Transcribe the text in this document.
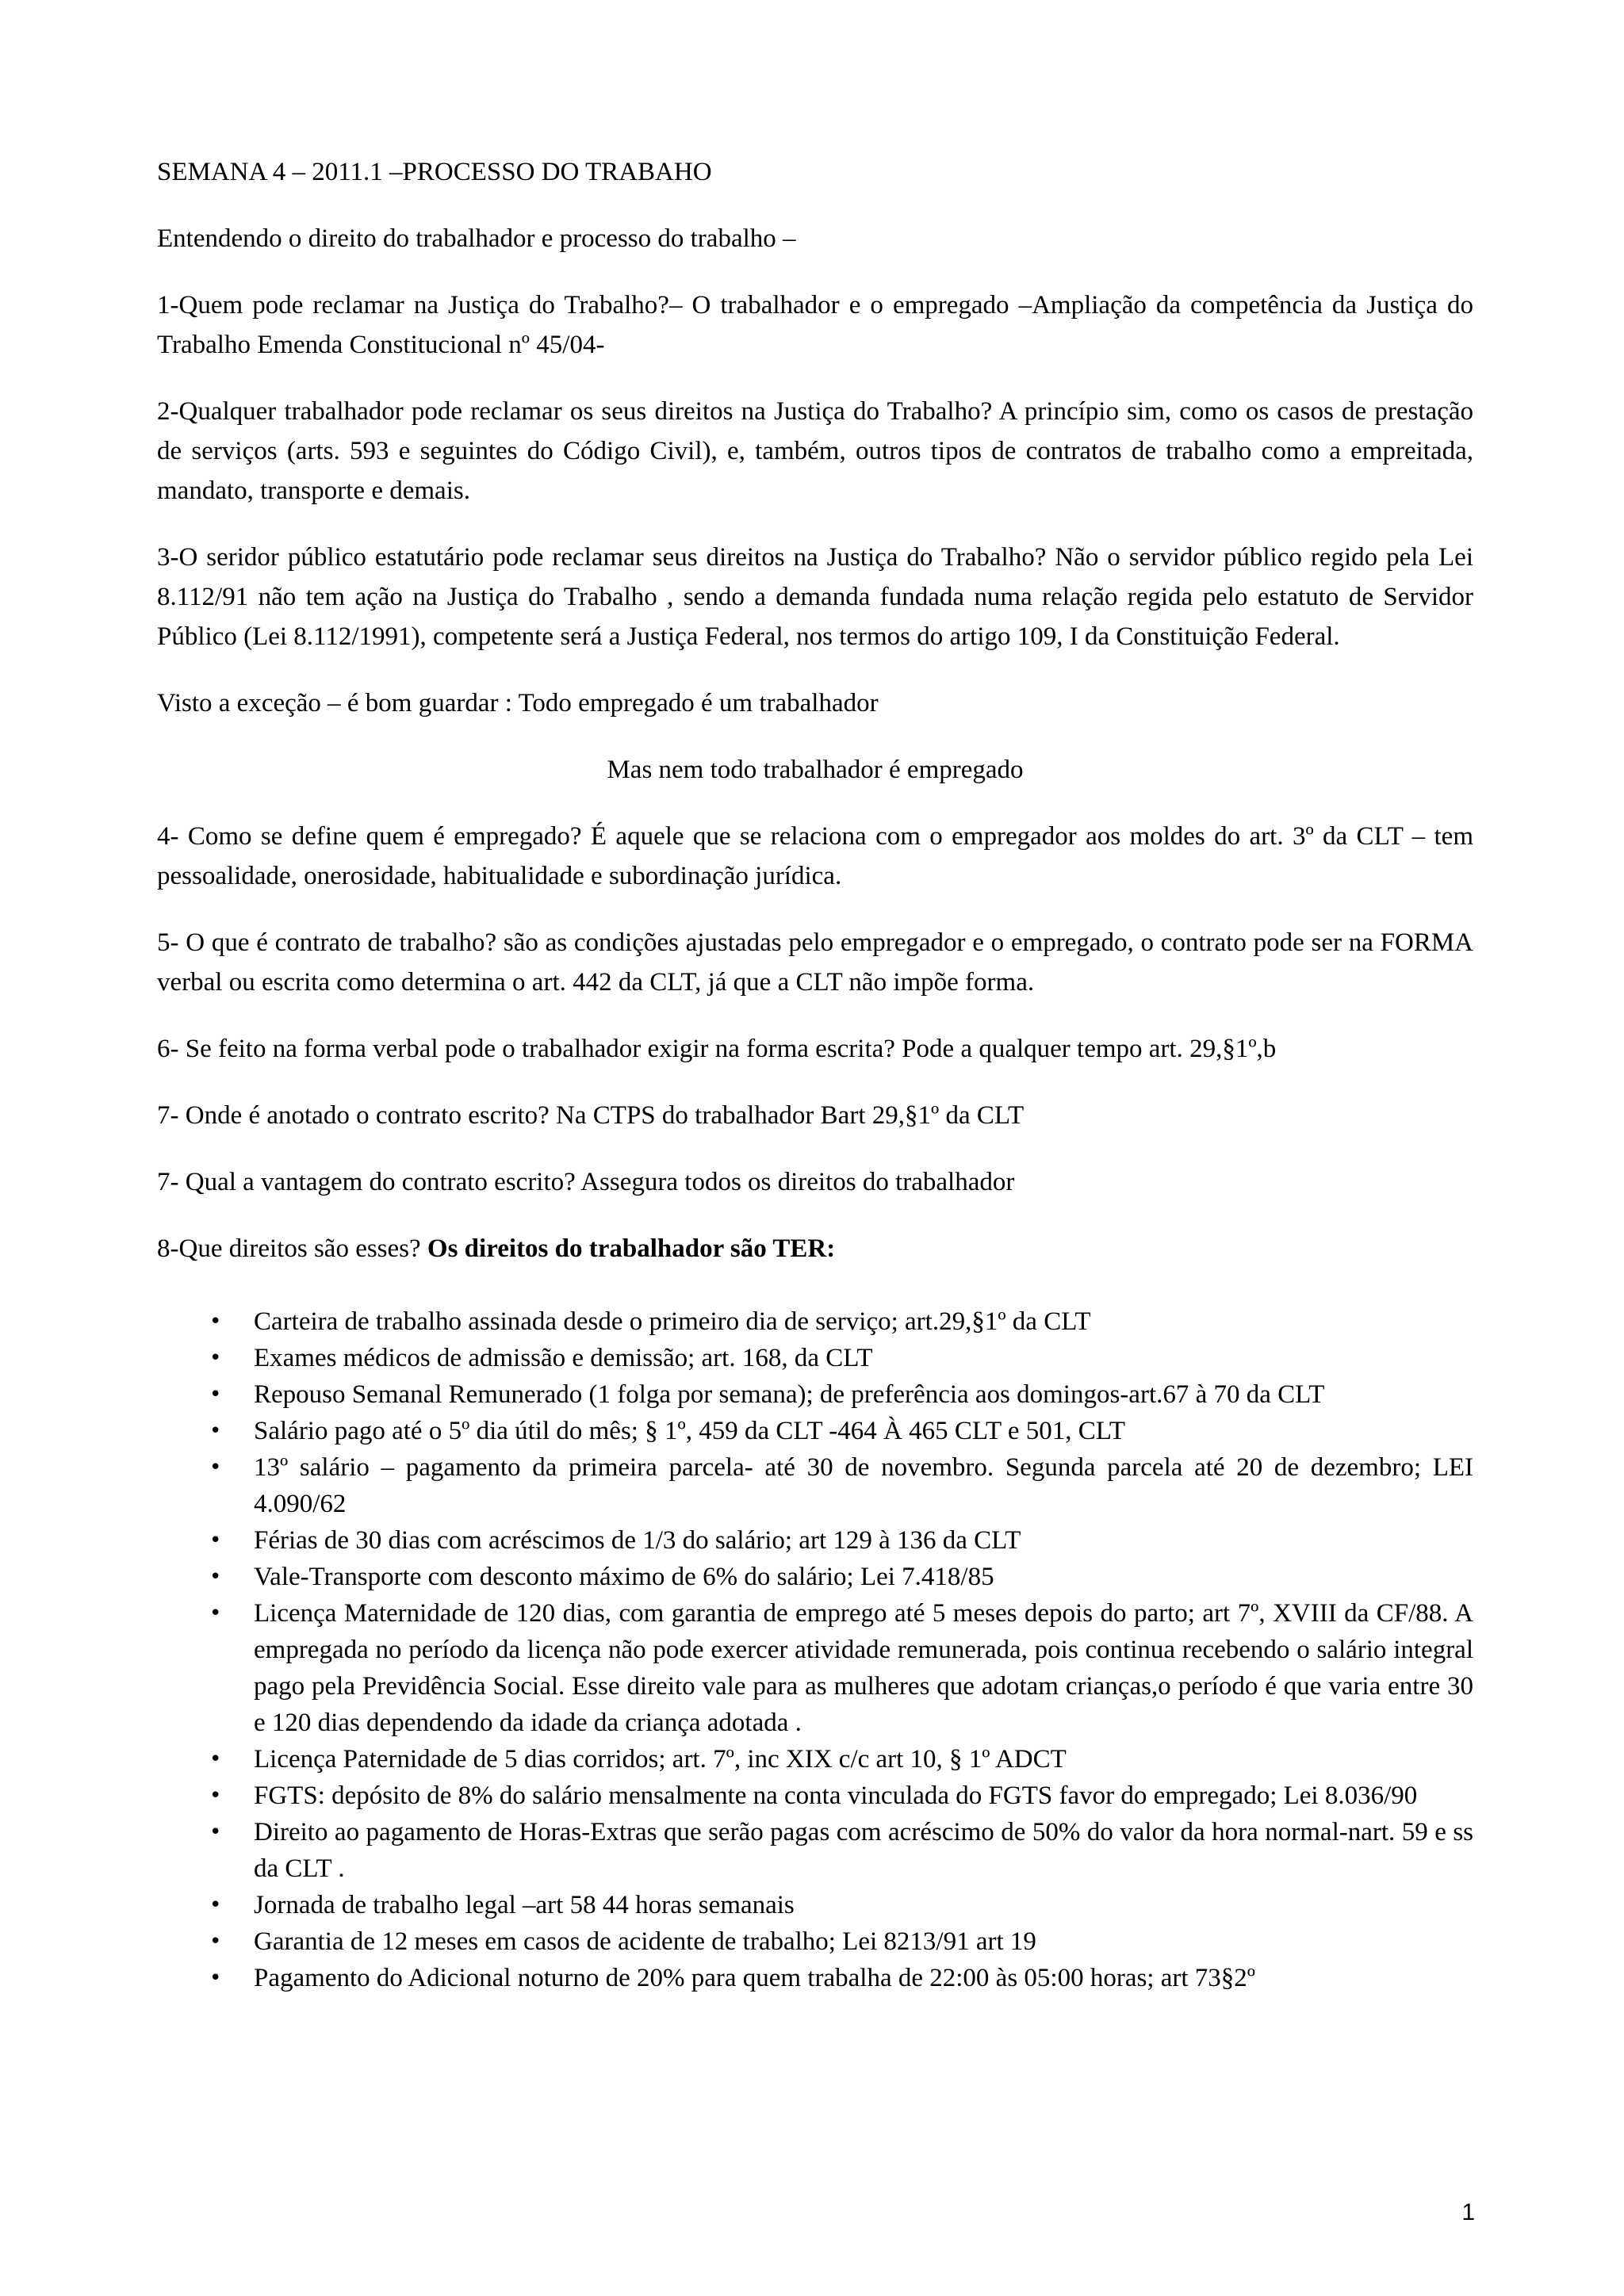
SEMANA 4 – 2011.1 –PROCESSO DO TRABAHO

Entendendo o direito do trabalhador e processo do trabalho –

1-Quem pode reclamar na Justiça do Trabalho?– O trabalhador e o empregado –Ampliação da competência da Justiça do Trabalho Emenda Constitucional nº 45/04-

2-Qualquer trabalhador pode reclamar os seus direitos na Justiça do Trabalho? A princípio sim, como os casos de prestação de serviços (arts. 593 e seguintes do Código Civil), e, também, outros tipos de contratos de trabalho como a empreitada, mandato, transporte e demais.

3-O seridor público estatutário pode reclamar seus direitos na Justiça do Trabalho? Não o servidor público regido pela Lei 8.112/91 não tem ação na Justiça do Trabalho , sendo a demanda fundada numa relação regida pelo estatuto de Servidor Público (Lei 8.112/1991), competente será a Justiça Federal, nos termos do artigo 109, I da Constituição Federal.

Visto a exceção – é bom guardar : Todo empregado é um trabalhador

Mas nem todo trabalhador é empregado

4- Como se define quem é empregado? É aquele que se relaciona com o empregador aos moldes do art. 3º da CLT – tem pessoalidade, onerosidade, habitualidade e subordinação jurídica.

5- O que é contrato de trabalho? são as condições ajustadas pelo empregador e o empregado, o contrato pode ser na FORMA verbal ou escrita como determina o art. 442 da CLT, já que a CLT não impõe forma.

6- Se feito na forma verbal pode o trabalhador exigir na forma escrita? Pode a qualquer tempo art. 29,§1º,b

7- Onde é anotado o contrato escrito? Na CTPS do trabalhador Bart 29,§1º da CLT

7- Qual a vantagem do contrato escrito? Assegura todos os direitos do trabalhador

8-Que direitos são esses? Os direitos do trabalhador são TER:

• Carteira de trabalho assinada desde o primeiro dia de serviço; art.29,§1º da CLT
• Exames médicos de admissão e demissão; art. 168, da CLT
• Repouso Semanal Remunerado (1 folga por semana); de preferência aos domingos-art.67 à 70 da CLT
• Salário pago até o 5º dia útil do mês; § 1º, 459 da CLT -464 À 465 CLT e 501, CLT
• 13º salário – pagamento da primeira parcela- até 30 de novembro. Segunda parcela até 20 de dezembro; LEI 4.090/62
• Férias de 30 dias com acréscimos de 1/3 do salário; art 129 à 136 da CLT
• Vale-Transporte com desconto máximo de 6% do salário; Lei 7.418/85
• Licença Maternidade de 120 dias, com garantia de emprego até 5 meses depois do parto; art 7º, XVIII da CF/88. A empregada no período da licença não pode exercer atividade remunerada, pois continua recebendo o salário integral pago pela Previdência Social. Esse direito vale para as mulheres que adotam crianças,o período é que varia entre 30 e 120 dias dependendo da idade da criança adotada .
• Licença Paternidade de 5 dias corridos; art. 7º, inc XIX c/c art 10, § 1º ADCT
• FGTS: depósito de 8% do salário mensalmente na conta vinculada do FGTS favor do empregado; Lei 8.036/90
• Direito ao pagamento de Horas-Extras que serão pagas com acréscimo de 50% do valor da hora normal-nart. 59 e ss da CLT .
• Jornada de trabalho legal –art 58 44 horas semanais
• Garantia de 12 meses em casos de acidente de trabalho; Lei 8213/91 art 19
• Pagamento do Adicional noturno de 20% para quem trabalha de 22:00 às 05:00 horas; art 73§2º
1
